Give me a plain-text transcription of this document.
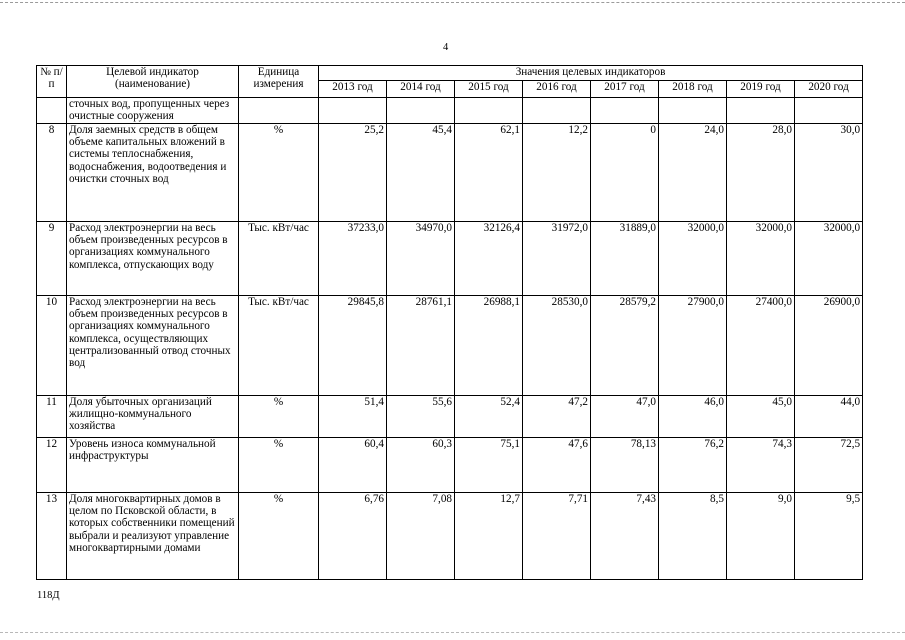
4
№ п/п	Целевой индикатор (наименование)	Единица измерения	Значения целевых индикаторов							
			2013 год	2014 год	2015 год	2016 год	2017 год	2018 год	2019 год	2020 год
	сточных вод, пропущенных через очистные сооружения									
8	Доля заемных средств в общем объеме капитальных вложений в системы теплоснабжения, водоснабжения, водоотведения и очистки сточных вод	%	25,2	45,4	62,1	12,2	0	24,0	28,0	30,0
9	Расход электроэнергии на весь объем произведенных ресурсов в организациях коммунального комплекса, отпускающих воду	Тыс. кВт/час	37233,0	34970,0	32126,4	31972,0	31889,0	32000,0	32000,0	32000,0
10	Расход электроэнергии на весь объем произведенных ресурсов в организациях коммунального комплекса, осуществляющих централизованный отвод сточных вод	Тыс. кВт/час	29845,8	28761,1	26988,1	28530,0	28579,2	27900,0	27400,0	26900,0
11	Доля убыточных организаций жилищно-коммунального хозяйства	%	51,4	55,6	52,4	47,2	47,0	46,0	45,0	44,0
12	Уровень износа коммунальной инфраструктуры	%	60,4	60,3	75,1	47,6	78,13	76,2	74,3	72,5
13	Доля многоквартирных домов в целом по Псковской области, в которых собственники помещений выбрали и реализуют управление многоквартирными домами	%	6,76	7,08	12,7	7,71	7,43	8,5	9,0	9,5
118Д
